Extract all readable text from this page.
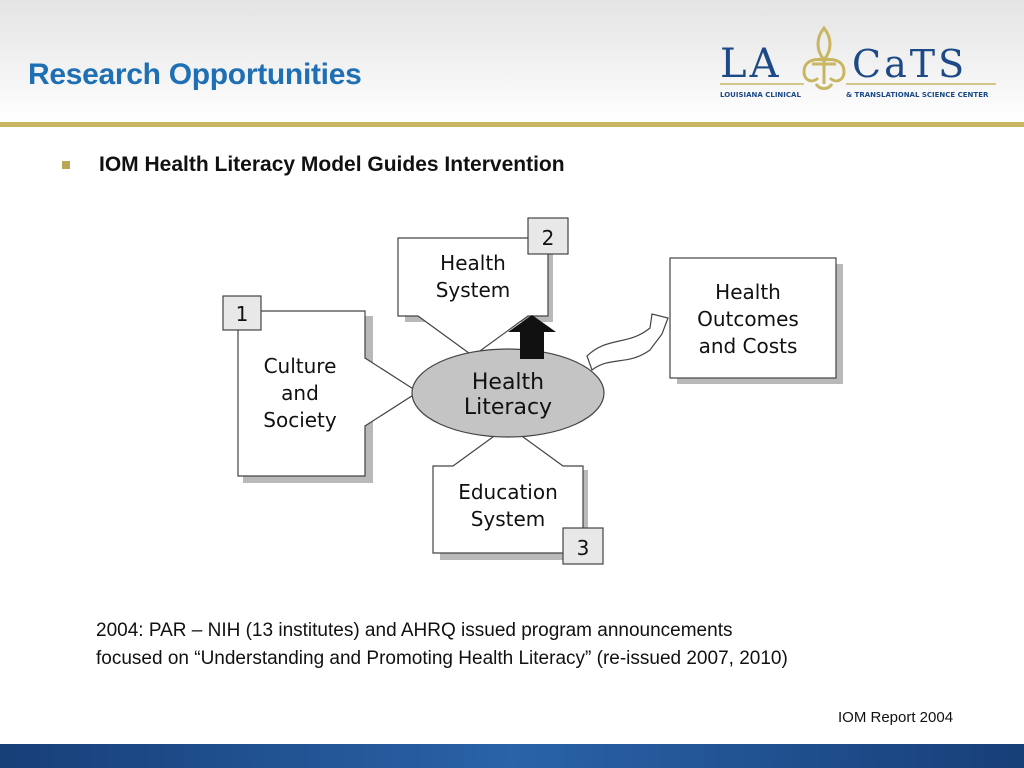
Research Opportunities	LA CaTS
LOUISIANA CLINICAL	& TRANSLATIONAL SCIENCE CENTER
IOM Health Literacy Model Guides Intervention
1
Culture
and
Society
2
Health
System
Education
System
3
Health
Outcomes
and Costs
Health
Literacy
2004: PAR – NIH (13 institutes) and AHRQ issued program announcements
focused on “Understanding and Promoting Health Literacy” (re-issued 2007, 2010)
IOM Report 2004
